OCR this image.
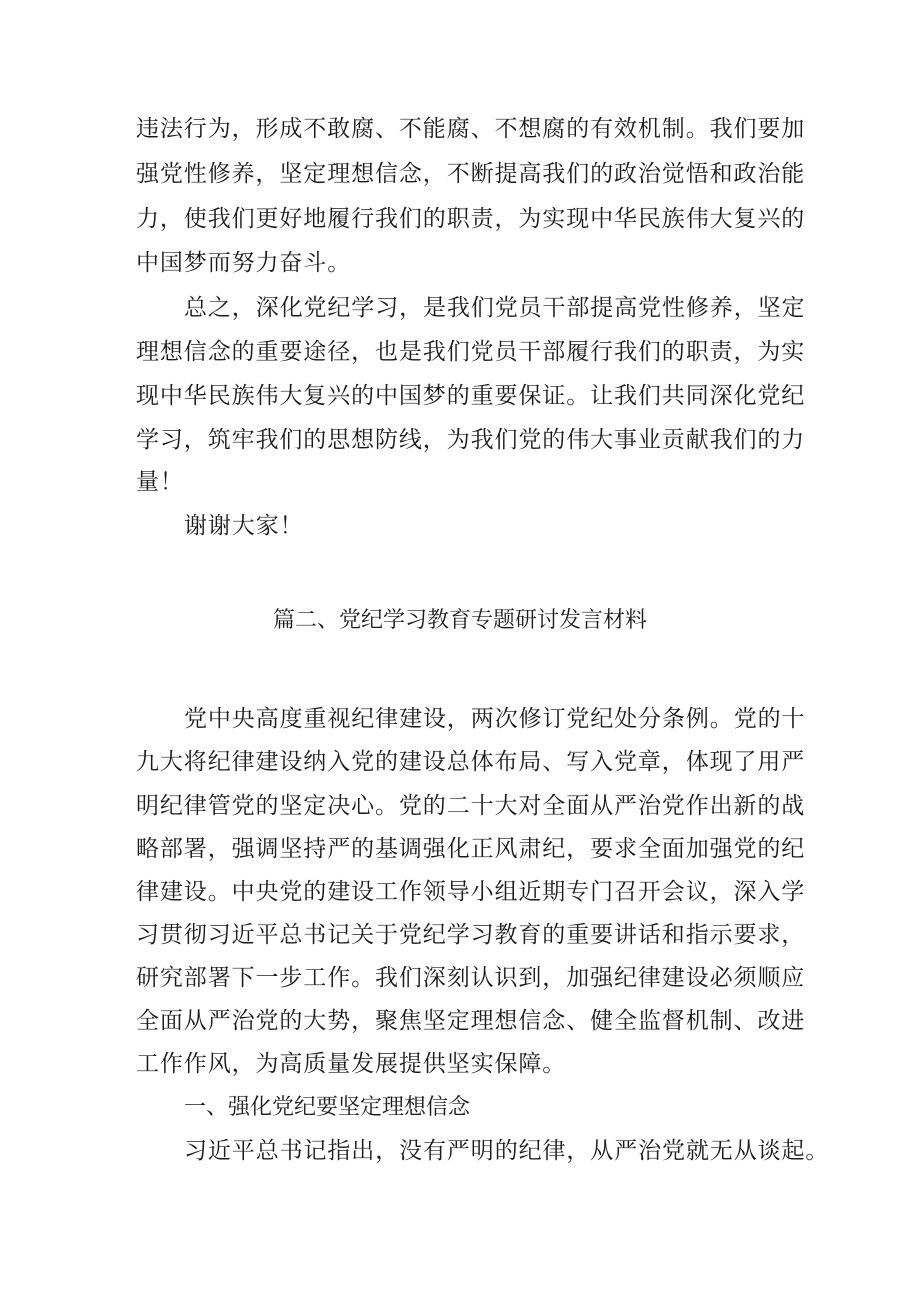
违法行为，形成不敢腐、不能腐、不想腐的有效机制。我们要加
强党性修养，坚定理想信念，不断提高我们的政治觉悟和政治能
力，使我们更好地履行我们的职责，为实现中华民族伟大复兴的
中国梦而努力奋斗。
总之，深化党纪学习，是我们党员干部提高党性修养，坚定
理想信念的重要途径，也是我们党员干部履行我们的职责，为实
现中华民族伟大复兴的中国梦的重要保证。让我们共同深化党纪
学习，筑牢我们的思想防线，为我们党的伟大事业贡献我们的力
量！
谢谢大家！
篇二、党纪学习教育专题研讨发言材料
党中央高度重视纪律建设，两次修订党纪处分条例。党的十
九大将纪律建设纳入党的建设总体布局、写入党章，体现了用严
明纪律管党的坚定决心。党的二十大对全面从严治党作出新的战
略部署，强调坚持严的基调强化正风肃纪，要求全面加强党的纪
律建设。中央党的建设工作领导小组近期专门召开会议，深入学
习贯彻习近平总书记关于党纪学习教育的重要讲话和指示要求，
研究部署下一步工作。我们深刻认识到，加强纪律建设必须顺应
全面从严治党的大势，聚焦坚定理想信念、健全监督机制、改进
工作作风，为高质量发展提供坚实保障。
一、强化党纪要坚定理想信念
习近平总书记指出，没有严明的纪律，从严治党就无从谈起。
